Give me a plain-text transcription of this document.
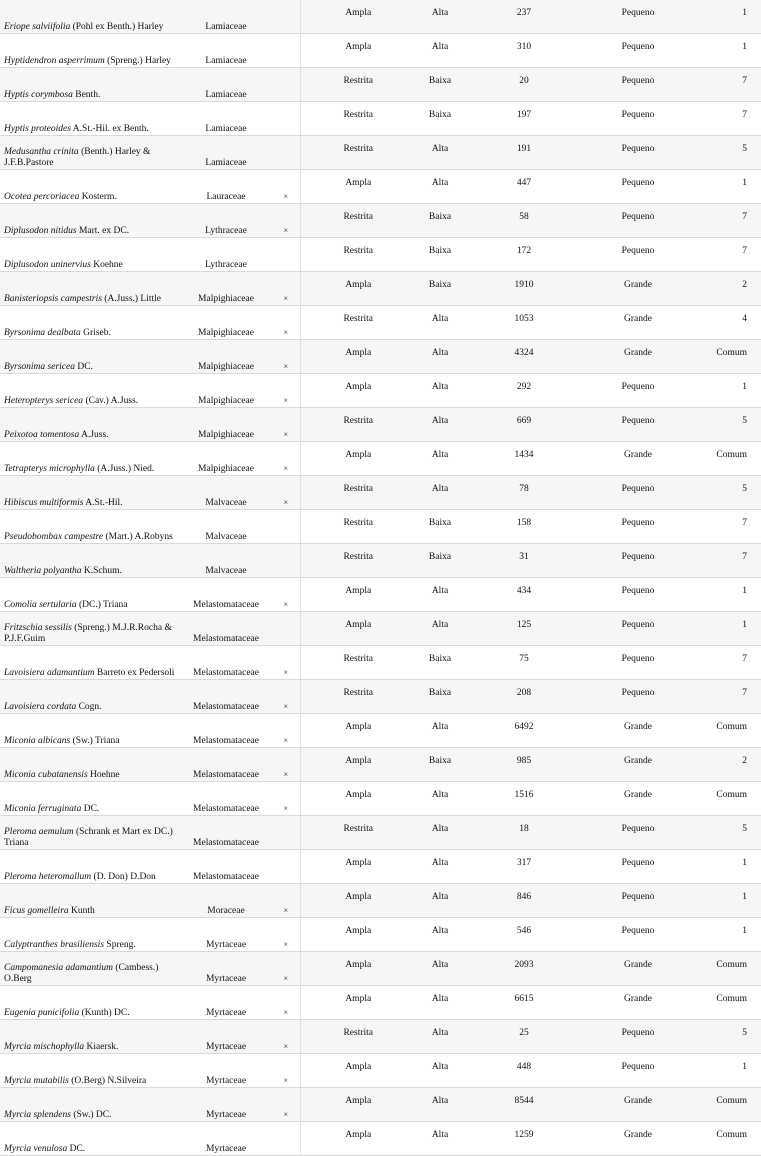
Eriope salviifolia (Pohl ex Benth.) Harley	Lamiaceae		Ampla	Alta	237	Pequeno	1
Hyptidendron asperrimum (Spreng.) Harley	Lamiaceae		Ampla	Alta	310	Pequeno	1
Hyptis corymbosa Benth.	Lamiaceae		Restrita	Baixa	20	Pequeno	7
Hyptis proteoides A.St.-Hil. ex Benth.	Lamiaceae		Restrita	Baixa	197	Pequeno	7
Medusantha crinita (Benth.) Harley & J.F.B.Pastore	Lamiaceae		Restrita	Alta	191	Pequeno	5
Ocotea percoriacea Kosterm.	Lauraceae	×	Ampla	Alta	447	Pequeno	1
Diplusodon nitidus Mart. ex DC.	Lythraceae	×	Restrita	Baixa	58	Pequeno	7
Diplusodon uninervius Koehne	Lythraceae		Restrita	Baixa	172	Pequeno	7
Banisteriopsis campestris (A.Juss.) Little	Malpighiaceae	×	Ampla	Baixa	1910	Grande	2
Byrsonima dealbata Griseb.	Malpighiaceae	×	Restrita	Alta	1053	Grande	4
Byrsonima sericea DC.	Malpighiaceae	×	Ampla	Alta	4324	Grande	Comum
Heteropterys sericea (Cav.) A.Juss.	Malpighiaceae	×	Ampla	Alta	292	Pequeno	1
Peixotoa tomentosa A.Juss.	Malpighiaceae	×	Restrita	Alta	669	Pequeno	5
Tetrapterys microphylla (A.Juss.) Nied.	Malpighiaceae	×	Ampla	Alta	1434	Grande	Comum
Hibiscus multiformis A.St.-Hil.	Malvaceae	×	Restrita	Alta	78	Pequeno	5
Pseudobombax campestre (Mart.) A.Robyns	Malvaceae		Restrita	Baixa	158	Pequeno	7
Waltheria polyantha K.Schum.	Malvaceae		Restrita	Baixa	31	Pequeno	7
Comolia sertularia (DC.) Triana	Melastomataceae	×	Ampla	Alta	434	Pequeno	1
Fritzschia sessilis (Spreng.) M.J.R.Rocha & P.J.F.Guim	Melastomataceae		Ampla	Alta	125	Pequeno	1
Lavoisiera adamantium Barreto ex Pedersoli	Melastomataceae	×	Restrita	Baixa	75	Pequeno	7
Lavoisiera cordata Cogn.	Melastomataceae	×	Restrita	Baixa	208	Pequeno	7
Miconia albicans (Sw.) Triana	Melastomataceae	×	Ampla	Alta	6492	Grande	Comum
Miconia cubatanensis Hoehne	Melastomataceae	×	Ampla	Baixa	985	Grande	2
Miconia ferruginata DC.	Melastomataceae	×	Ampla	Alta	1516	Grande	Comum
Pleroma aemulum (Schrank et Mart ex DC.) Triana	Melastomataceae		Restrita	Alta	18	Pequeno	5
Pleroma heteromallum (D. Don) D.Don	Melastomataceae		Ampla	Alta	317	Pequeno	1
Ficus gomelleira Kunth	Moraceae	×	Ampla	Alta	846	Pequeno	1
Calyptranthes brasiliensis Spreng.	Myrtaceae	×	Ampla	Alta	546	Pequeno	1
Campomanesia adamantium (Cambess.) O.Berg	Myrtaceae	×	Ampla	Alta	2093	Grande	Comum
Eugenia punicifolia (Kunth) DC.	Myrtaceae	×	Ampla	Alta	6615	Grande	Comum
Myrcia mischophylla Kiaersk.	Myrtaceae	×	Restrita	Alta	25	Pequeno	5
Myrcia mutabilis (O.Berg) N.Silveira	Myrtaceae	×	Ampla	Alta	448	Pequeno	1
Myrcia splendens (Sw.) DC.	Myrtaceae	×	Ampla	Alta	8544	Grande	Comum
Myrcia venulosa DC.	Myrtaceae		Ampla	Alta	1259	Grande	Comum
